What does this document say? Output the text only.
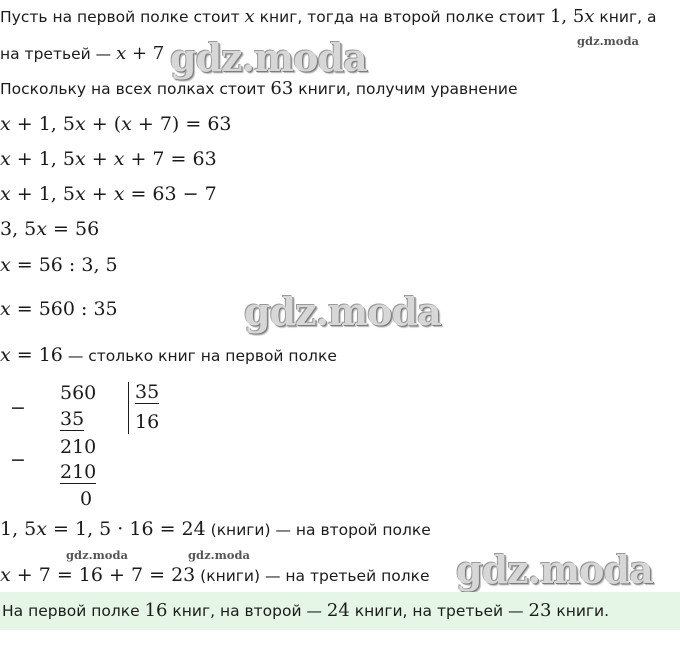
Пусть на первой полке стоит x книг, тогда на второй полке стоит 1, 5x книг, а
gdz.moda
на третьей — x + 7 gdz.moda
Поскольку на всех полках стоит 63 книги, получим уравнение
x + 1, 5x + (x + 7) = 63
x + 1, 5x + x + 7 = 63
x + 1, 5x + x = 63 − 7
3, 5x = 56
x = 56 : 3, 5
x = 560 : 35	gdz.moda
x = 16 — столько книг на первой полке
−
560
35
35
16
−
210
210
0
1, 5x = 1, 5 · 16 = 24 (книги) — на второй полке
gdz.moda	gdz.moda
x + 7 = 16 + 7 = 23 (книги) — на третьей полке gdz.moda
На первой полке 16 книг, на второй — 24 книги, на третьей — 23 книги.
